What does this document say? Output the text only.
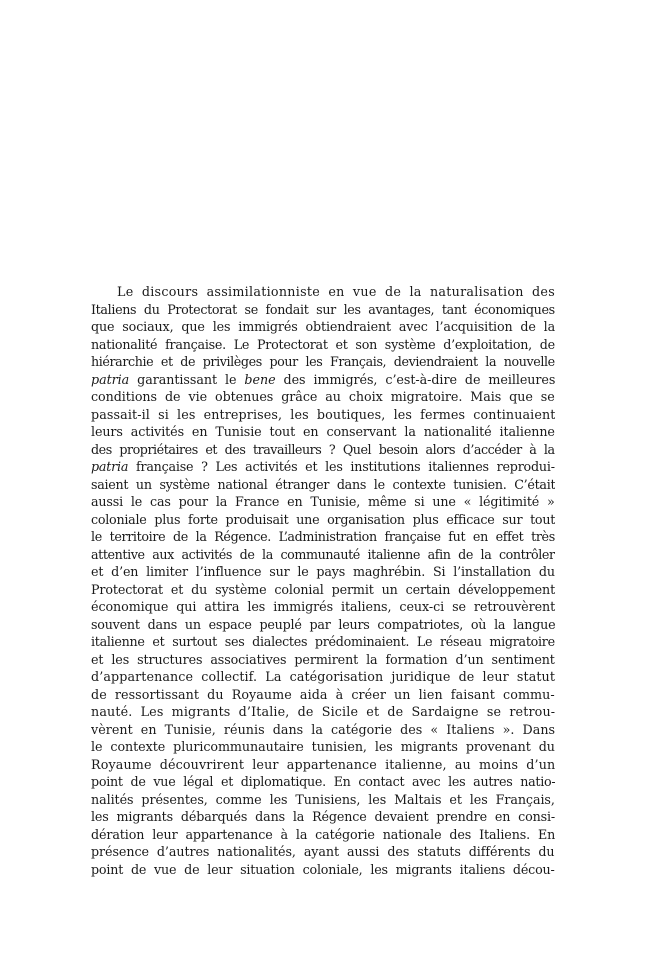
Le discours assimilationniste en vue de la naturalisation des
Italiens du Protectorat se fondait sur les avantages, tant économiques
que sociaux, que les immigrés obtiendraient avec l’acquisition de la
nationalité française. Le Protectorat et son système d’exploitation, de
hiérarchie et de privilèges pour les Français, deviendraient la nouvelle
patria garantissant le bene des immigrés, c’est-à-dire de meilleures
conditions de vie obtenues grâce au choix migratoire. Mais que se
passait-il si les entreprises, les boutiques, les fermes continuaient
leurs activités en Tunisie tout en conservant la nationalité italienne
des propriétaires et des travailleurs ? Quel besoin alors d’accéder à la
patria française ? Les activités et les institutions italiennes reprodui-
saient un système national étranger dans le contexte tunisien. C’était
aussi le cas pour la France en Tunisie, même si une « légitimité »
coloniale plus forte produisait une organisation plus efficace sur tout
le territoire de la Régence. L’administration française fut en effet très
attentive aux activités de la communauté italienne afin de la contrôler
et d’en limiter l’influence sur le pays maghrébin. Si l’installation du
Protectorat et du système colonial permit un certain développement
économique qui attira les immigrés italiens, ceux-ci se retrouvèrent
souvent dans un espace peuplé par leurs compatriotes, où la langue
italienne et surtout ses dialectes prédominaient. Le réseau migratoire
et les structures associatives permirent la formation d’un sentiment
d’appartenance collectif. La catégorisation juridique de leur statut
de ressortissant du Royaume aida à créer un lien faisant commu-
nauté. Les migrants d’Italie, de Sicile et de Sardaigne se retrou-
vèrent en Tunisie, réunis dans la catégorie des « Italiens ». Dans
le contexte pluricommunautaire tunisien, les migrants provenant du
Royaume découvrirent leur appartenance italienne, au moins d’un
point de vue légal et diplomatique. En contact avec les autres natio-
nalités présentes, comme les Tunisiens, les Maltais et les Français,
les migrants débarqués dans la Régence devaient prendre en consi-
dération leur appartenance à la catégorie nationale des Italiens. En
présence d’autres nationalités, ayant aussi des statuts différents du
point de vue de leur situation coloniale, les migrants italiens décou-
